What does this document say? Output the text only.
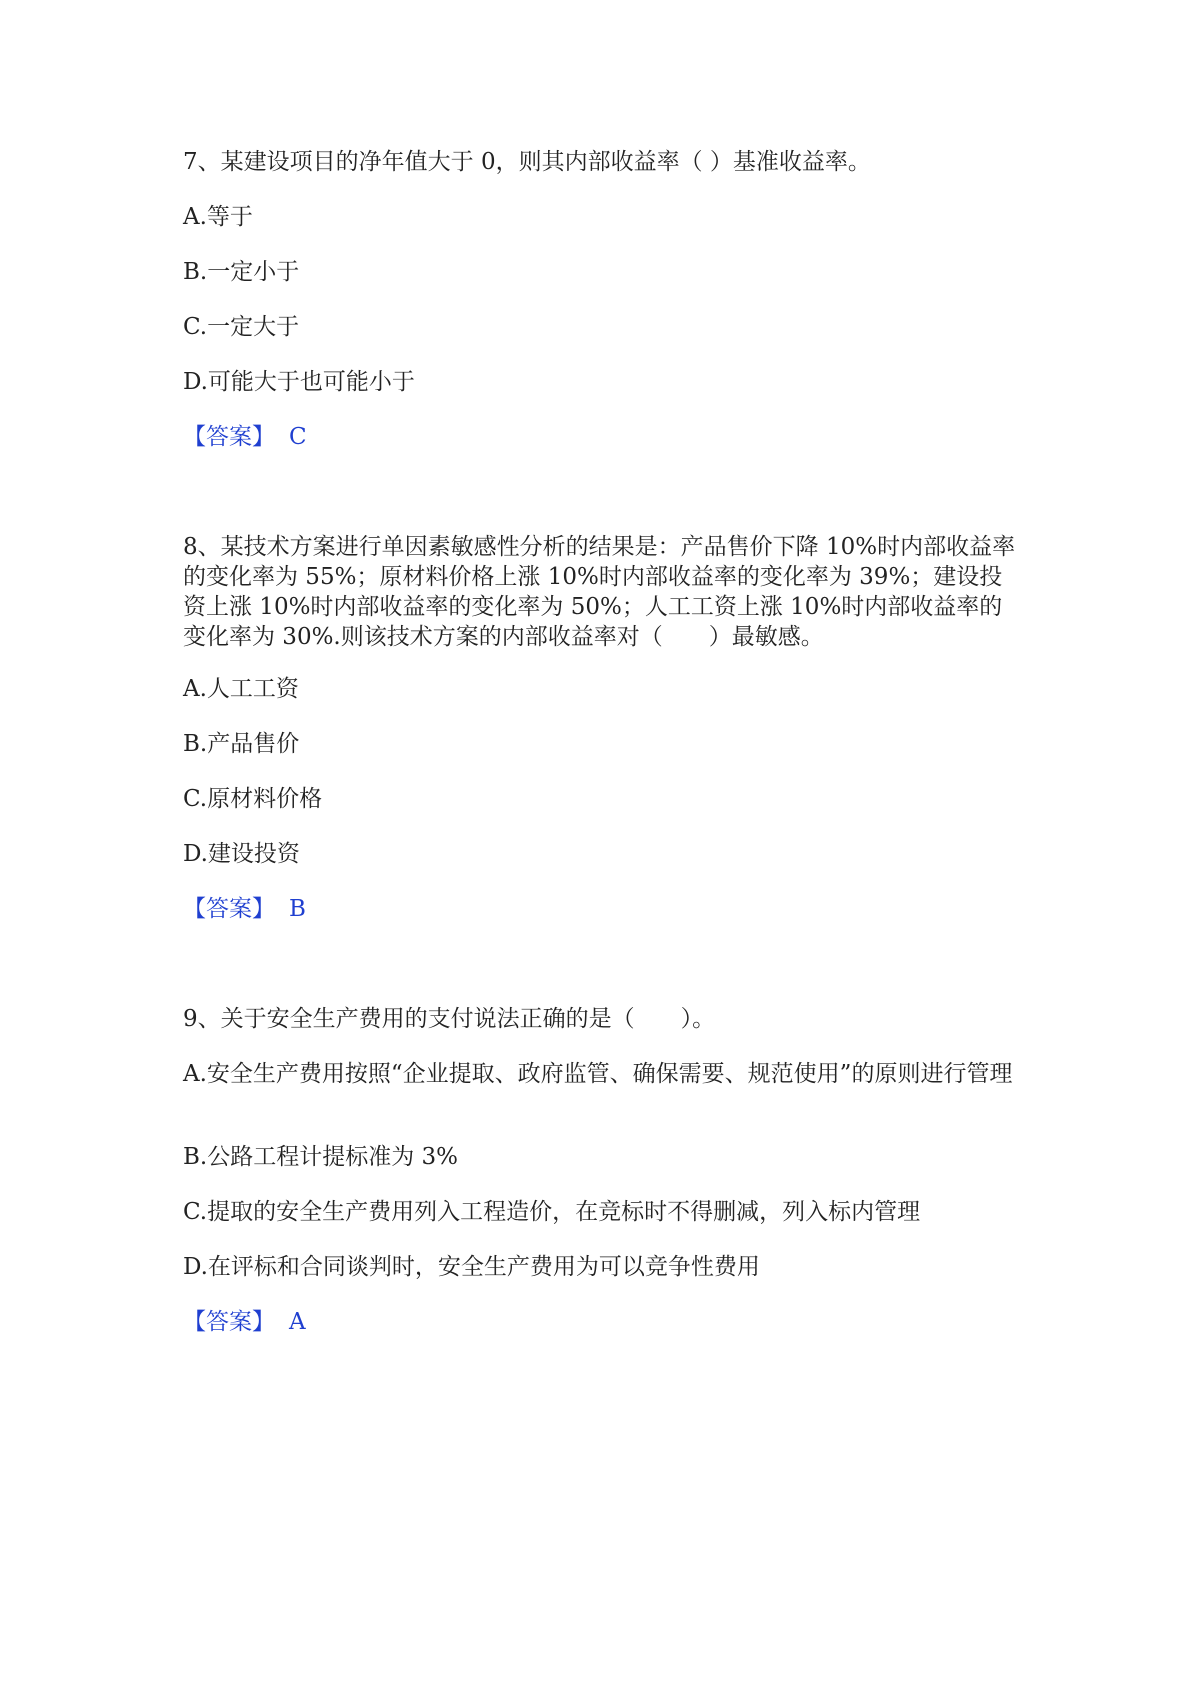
7、某建设项目的净年值大于 0，则其内部收益率（ ）基准收益率。

A.等于

B.一定小于

C.一定大于

D.可能大于也可能小于

【答案】 C

8、某技术方案进行单因素敏感性分析的结果是：产品售价下降 10%时内部收益率的变化率为 55%；原材料价格上涨 10%时内部收益率的变化率为 39%；建设投资上涨 10%时内部收益率的变化率为 50%；人工工资上涨 10%时内部收益率的变化率为 30%.则该技术方案的内部收益率对（　　）最敏感。

A.人工工资

B.产品售价

C.原材料价格

D.建设投资

【答案】 B

9、关于安全生产费用的支付说法正确的是（　　）。

A.安全生产费用按照“企业提取、政府监管、确保需要、规范使用”的原则进行管理

B.公路工程计提标准为 3%

C.提取的安全生产费用列入工程造价，在竞标时不得删减，列入标内管理

D.在评标和合同谈判时，安全生产费用为可以竞争性费用

【答案】 A
